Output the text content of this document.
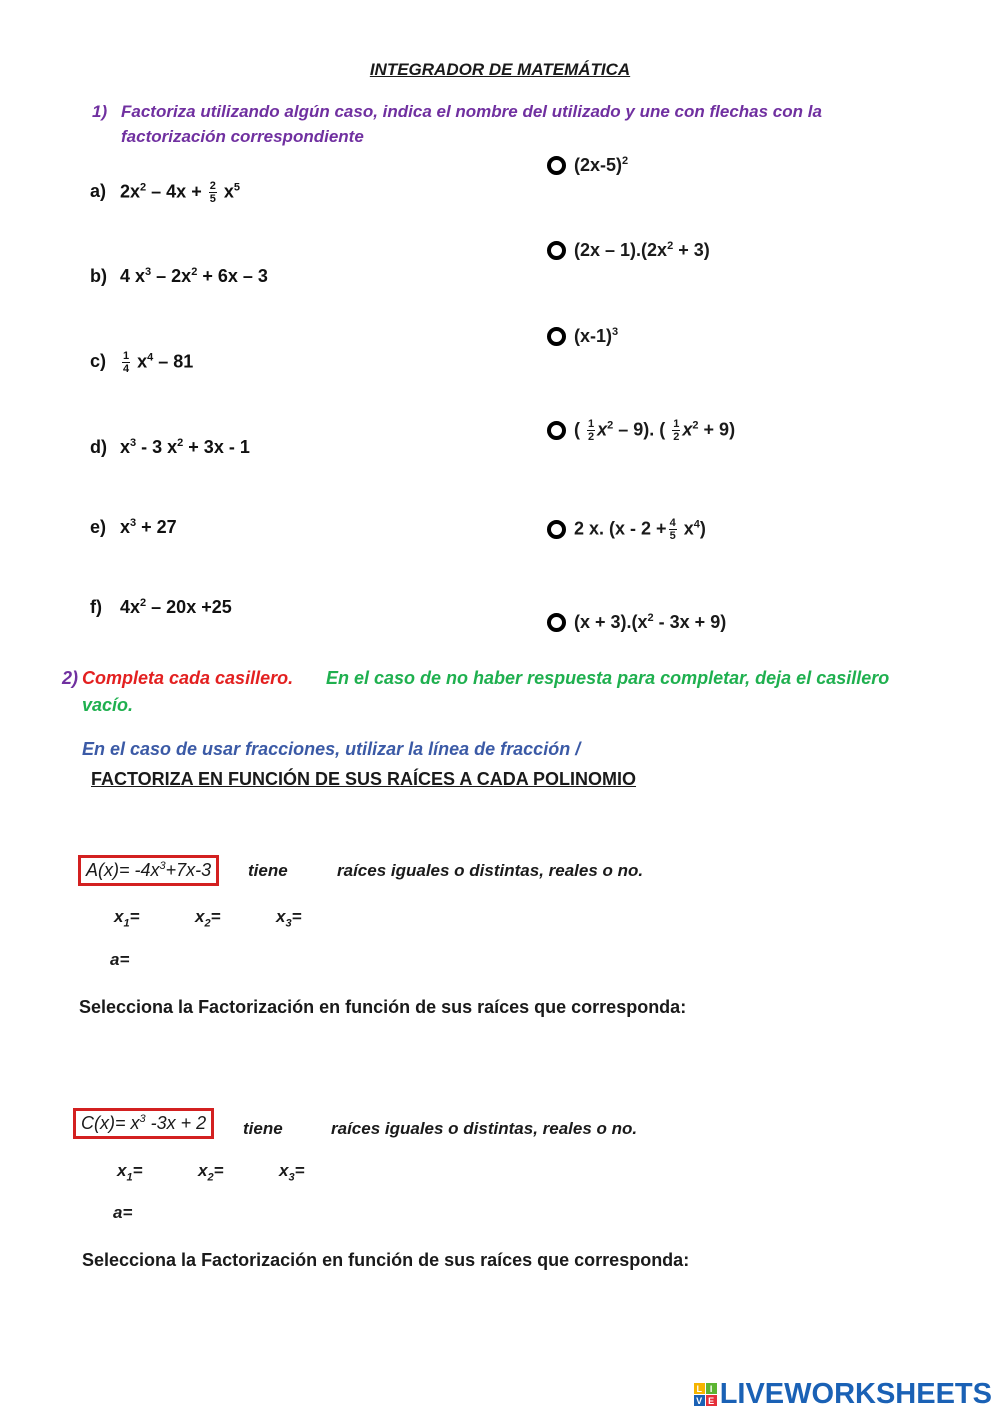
INTEGRADOR DE MATEMÁTICA
1) Factoriza utilizando algún caso, indica el nombre del utilizado y une con flechas con la
factorización correspondiente
a) $2x^2 - 4x + \frac{2}{5} x^5$
b) 4 $x^3 - 2x^2 + 6x - 3$
$c) \frac{1}{4} x^4 - 81$
d) $x^3 - 3$ $x^2 + 3x - 1$
e) $x^3 + 27$
f) $4x^2 - 20x +25$
$(2x-5)^2$
$(2x - 1).(2x^2 + 3)$
$(x-1)^3$
( $\frac{1}{2} x^2 - 9$). ( $\frac{1}{2} x^2 + 9$)
2 x. $(x - 2 + \frac{4}{5} x^4)$
$(x + 3).(x^2 - 3x + 9)$
2) Completa cada casillero. En el caso de no haber respuesta para completar, deja el casillero
vacío.
En el caso de usar fracciones, utilizar la línea de fracción /
FACTORIZA EN FUNCIÓN DE SUS RAÍCES A CADA POLINOMIO
$A(x)= -4x^3+7x-3$	tiene	raíces iguales o distintas, reales o no.
$x_1=$	$x_2=$	$x_3=$
a=
Selecciona la Factorización en función de sus raíces que corresponda:
$C(x)= x^3$ -3x + 2	tiene	raíces iguales o distintas, reales o no.
$x_1=$	$x_2=$	$x_3=$
a=
Selecciona la Factorización en función de sus raíces que corresponda:
L I
V E LIVEWORKSHEETS
